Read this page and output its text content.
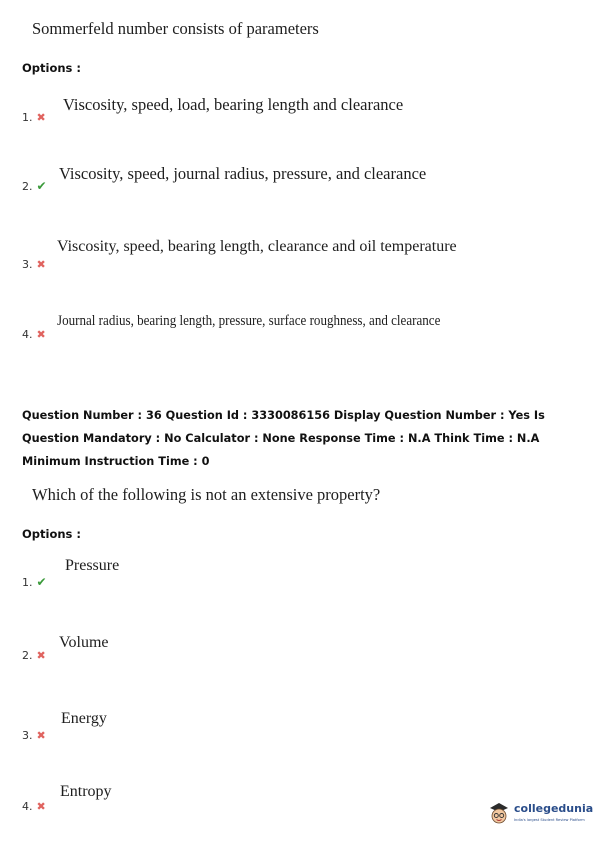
Sommerfeld number consists of parameters
Options :
1. ✖
Viscosity, speed, load, bearing length and clearance
2. ✔
Viscosity, speed, journal radius, pressure, and clearance
3. ✖
Viscosity, speed, bearing length, clearance and oil temperature
4. ✖
Journal radius, bearing length, pressure, surface roughness, and clearance
Question Number : 36 Question Id : 3330086156 Display Question Number : Yes Is Question Mandatory : No Calculator : None Response Time : N.A Think Time : N.A Minimum Instruction Time : 0
Which of the following is not an extensive property?
Options :
1. ✔
Pressure
2. ✖
Volume
3. ✖
Energy
4. ✖
Entropy
collegedunia
India's largest Student Review Platform
